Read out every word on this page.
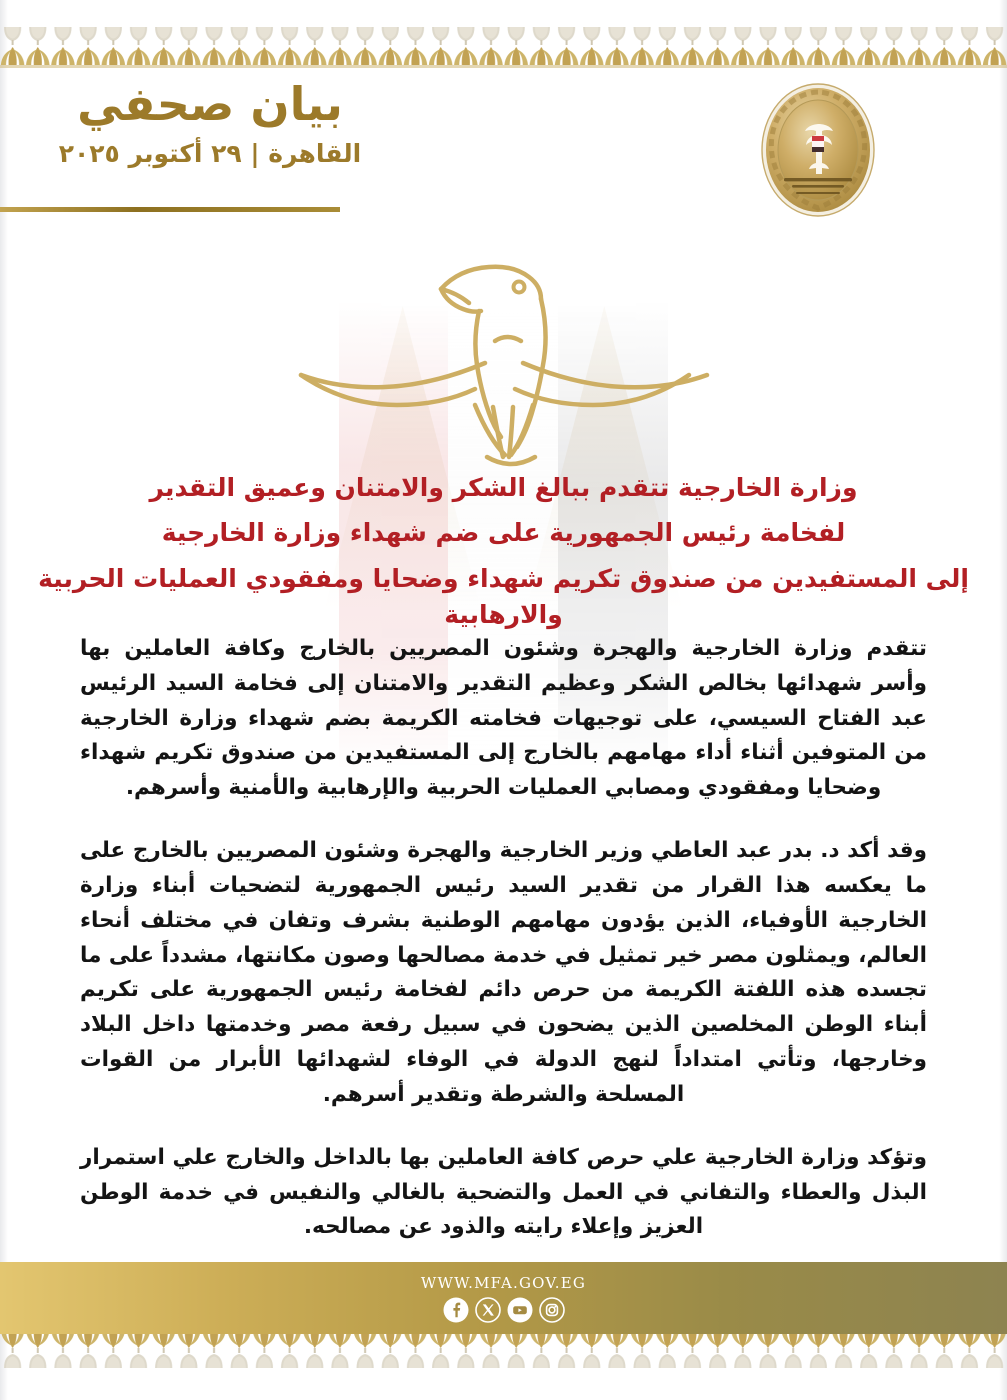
بيان صحفي

القاهرة | ٢٩ أكتوبر ٢٠٢٥

وزارة الخارجية تتقدم ببالغ الشكر والامتنان وعميق التقدير

لفخامة رئيس الجمهورية على ضم شهداء وزارة الخارجية

إلى المستفيدين من صندوق تكريم شهداء وضحايا ومفقودي العمليات الحربية والارهابية

تتقدم وزارة الخارجية والهجرة وشئون المصريين بالخارج وكافة العاملين بها وأسر شهدائها بخالص الشكر وعظيم التقدير والامتنان إلى فخامة السيد الرئيس عبد الفتاح السيسي، على توجيهات فخامته الكريمة بضم شهداء وزارة الخارجية من المتوفين أثناء أداء مهامهم بالخارج إلى المستفيدين من صندوق تكريم شهداء وضحايا ومفقودي ومصابي العمليات الحربية والإرهابية والأمنية وأسرهم.

وقد أكد د. بدر عبد العاطي وزير الخارجية والهجرة وشئون المصريين بالخارج على ما يعكسه هذا القرار من تقدير السيد رئيس الجمهورية لتضحيات أبناء وزارة الخارجية الأوفياء، الذين يؤدون مهامهم الوطنية بشرف وتفان في مختلف أنحاء العالم، ويمثلون مصر خير تمثيل في خدمة مصالحها وصون مكانتها، مشدداً على ما تجسده هذه اللفتة الكريمة من حرص دائم لفخامة رئيس الجمهورية على تكريم أبناء الوطن المخلصين الذين يضحون في سبيل رفعة مصر وخدمتها داخل البلاد وخارجها، وتأتي امتداداً لنهج الدولة في الوفاء لشهدائها الأبرار من القوات المسلحة والشرطة وتقدير أسرهم.

وتؤكد وزارة الخارجية علي حرص كافة العاملين بها بالداخل والخارج علي استمرار البذل والعطاء والتفاني في العمل والتضحية بالغالي والنفيس في خدمة الوطن العزيز وإعلاء رايته والذود عن مصالحه.

WWW.MFA.GOV.EG
